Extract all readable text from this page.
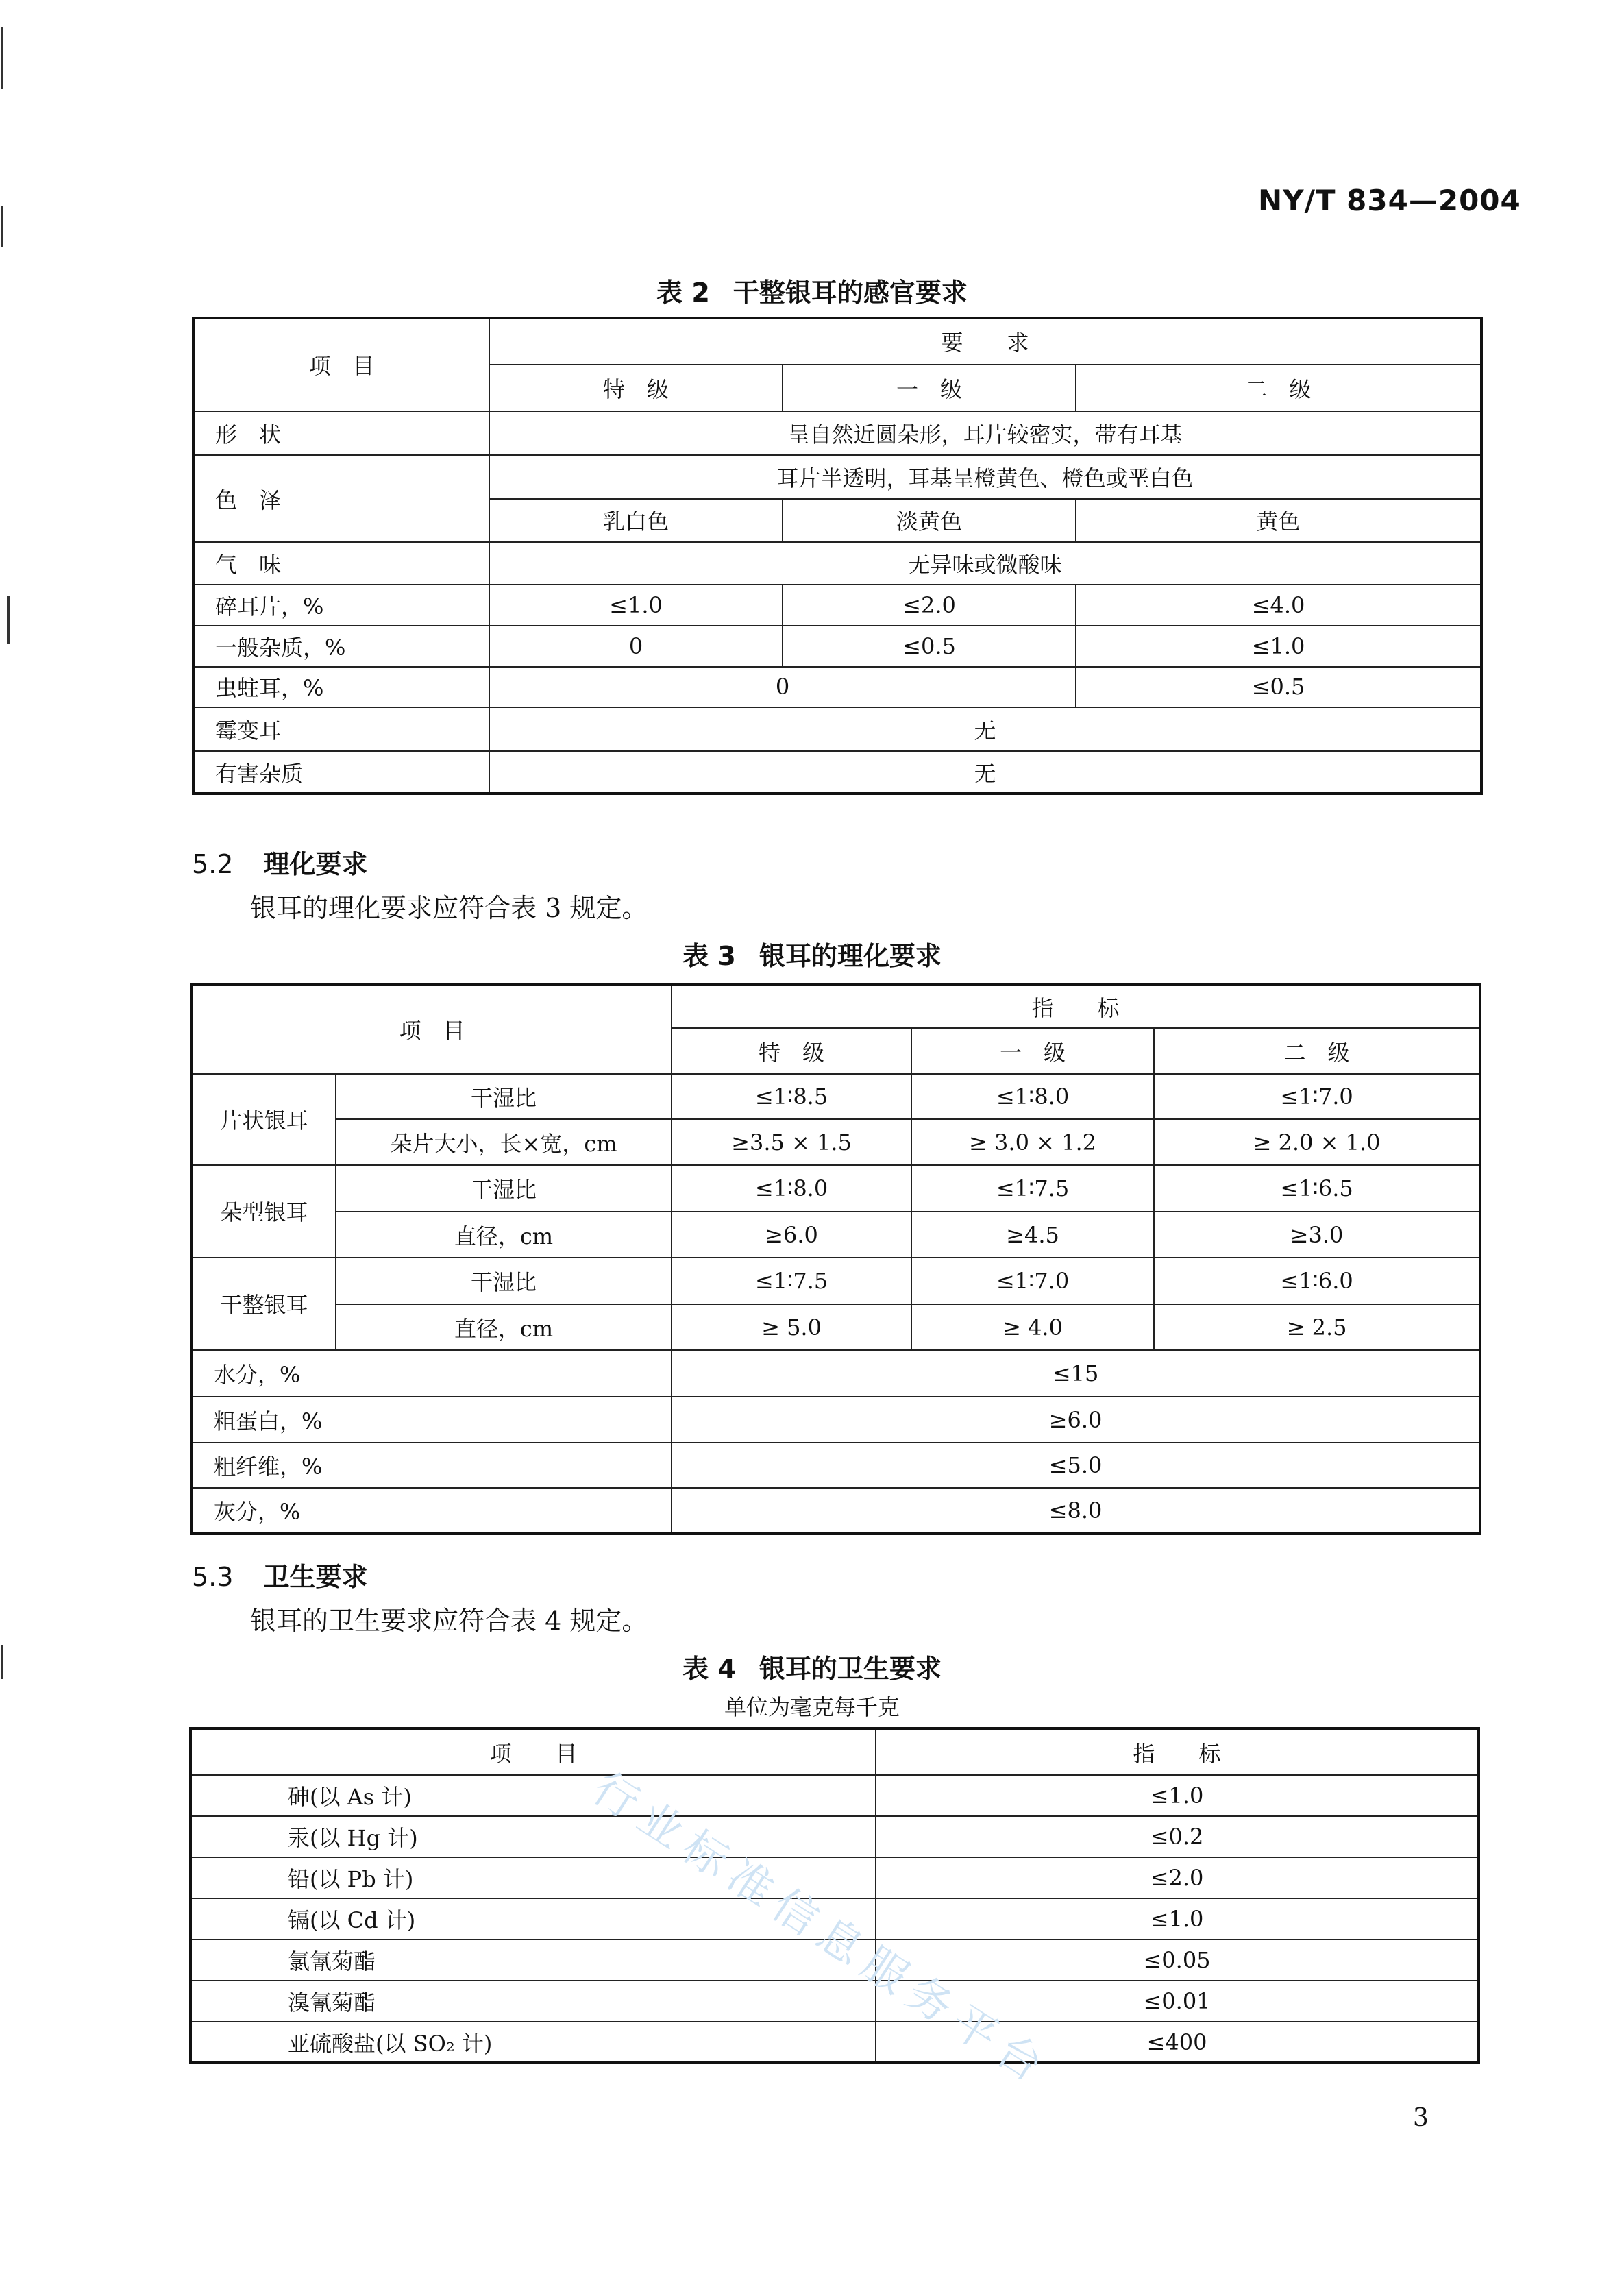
NY/T 834—2004
表 2 干整银耳的感官要求
项　目	要　　求		
	特　级	一　级	二　级
形　状	呈自然近圆朵形，耳片较密实，带有耳基		
色　泽	耳片半透明，耳基呈橙黄色、橙色或垩白色		
	乳白色	淡黄色	黄色
气　味	无异味或微酸味		
碎耳片，%	≤1.0	≤2.0	≤4.0
一般杂质，%	0	≤0.5	≤1.0
虫蛀耳，%	0		≤0.5
霉变耳	无		
有害杂质	无		
5.2 理化要求
银耳的理化要求应符合表 3 规定。
表 3 银耳的理化要求
项　目		指　　标		
		特　级	一　级	二　级
片状银耳	干湿比	≤1∶8.5	≤1∶8.0	≤1∶7.0
	朵片大小，长×宽，cm	≥3.5 × 1.5	≥ 3.0 × 1.2	≥ 2.0 × 1.0
朵型银耳	干湿比	≤1∶8.0	≤1∶7.5	≤1∶6.5
	直径，cm	≥6.0	≥4.5	≥3.0
干整银耳	干湿比	≤1∶7.5	≤1∶7.0	≤1∶6.0
	直径，cm	≥ 5.0	≥ 4.0	≥ 2.5
水分，%		≤15		
粗蛋白，%		≥6.0		
粗纤维，%		≤5.0		
灰分，%		≤8.0		
5.3 卫生要求
银耳的卫生要求应符合表 4 规定。
表 4 银耳的卫生要求
单位为毫克每千克
项　　目	指　　标
砷(以 As 计)	≤1.0
汞(以 Hg 计)	≤0.2
铅(以 Pb 计)	≤2.0
镉(以 Cd 计)	≤1.0
氯氰菊酯	≤0.05
溴氰菊酯	≤0.01
亚硫酸盐(以 SO₂ 计)	≤400
行业标准信息服务平台
3
